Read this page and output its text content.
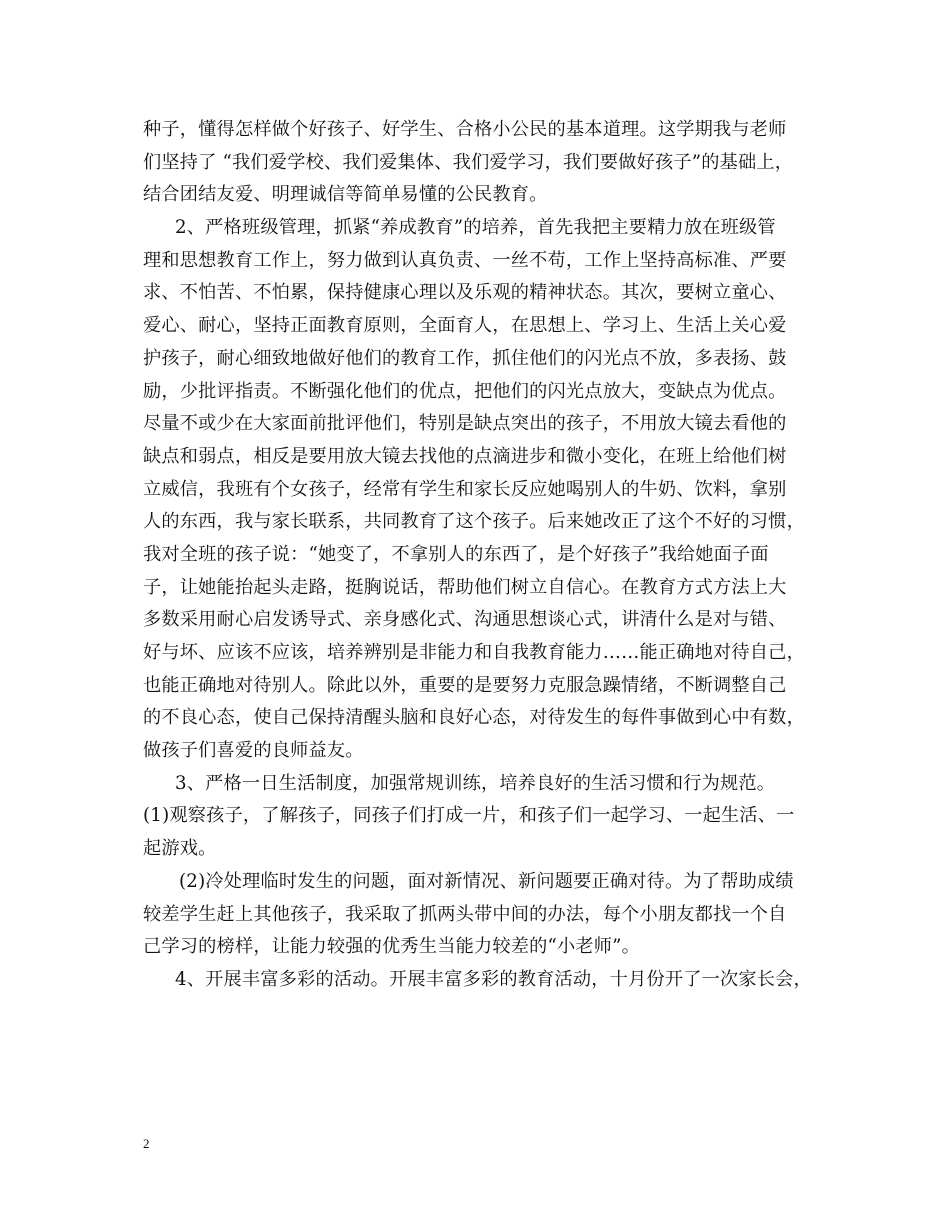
种子，懂得怎样做个好孩子、好学生、合格小公民的基本道理。这学期我与老师
们坚持了 “我们爱学校、我们爱集体、我们爱学习，我们要做好孩子”的基础上，
结合团结友爱、明理诚信等简单易懂的公民教育。
2、严格班级管理，抓紧“养成教育”的培养，首先我把主要精力放在班级管
理和思想教育工作上，努力做到认真负责、一丝不苟，工作上坚持高标准、严要
求、不怕苦、不怕累，保持健康心理以及乐观的精神状态。其次，要树立童心、
爱心、耐心，坚持正面教育原则，全面育人，在思想上、学习上、生活上关心爱
护孩子，耐心细致地做好他们的教育工作，抓住他们的闪光点不放，多表扬、鼓
励，少批评指责。不断强化他们的优点，把他们的闪光点放大，变缺点为优点。
尽量不或少在大家面前批评他们，特别是缺点突出的孩子，不用放大镜去看他的
缺点和弱点，相反是要用放大镜去找他的点滴进步和微小变化，在班上给他们树
立威信，我班有个女孩子，经常有学生和家长反应她喝别人的牛奶、饮料，拿别
人的东西，我与家长联系，共同教育了这个孩子。后来她改正了这个不好的习惯，
我对全班的孩子说：“她变了，不拿别人的东西了，是个好孩子”我给她面子面
子，让她能抬起头走路，挺胸说话，帮助他们树立自信心。在教育方式方法上大
多数采用耐心启发诱导式、亲身感化式、沟通思想谈心式，讲清什么是对与错、
好与坏、应该不应该，培养辨别是非能力和自我教育能力……能正确地对待自己，
也能正确地对待别人。除此以外，重要的是要努力克服急躁情绪，不断调整自己
的不良心态，使自己保持清醒头脑和良好心态，对待发生的每件事做到心中有数，
做孩子们喜爱的良师益友。
3、严格一日生活制度，加强常规训练，培养良好的生活习惯和行为规范。
(1)观察孩子，了解孩子，同孩子们打成一片，和孩子们一起学习、一起生活、一
起游戏。
(2)冷处理临时发生的问题，面对新情况、新问题要正确对待。为了帮助成绩
较差学生赶上其他孩子，我采取了抓两头带中间的办法，每个小朋友都找一个自
己学习的榜样，让能力较强的优秀生当能力较差的“小老师”。
4、开展丰富多彩的活动。开展丰富多彩的教育活动，十月份开了一次家长会，
2
